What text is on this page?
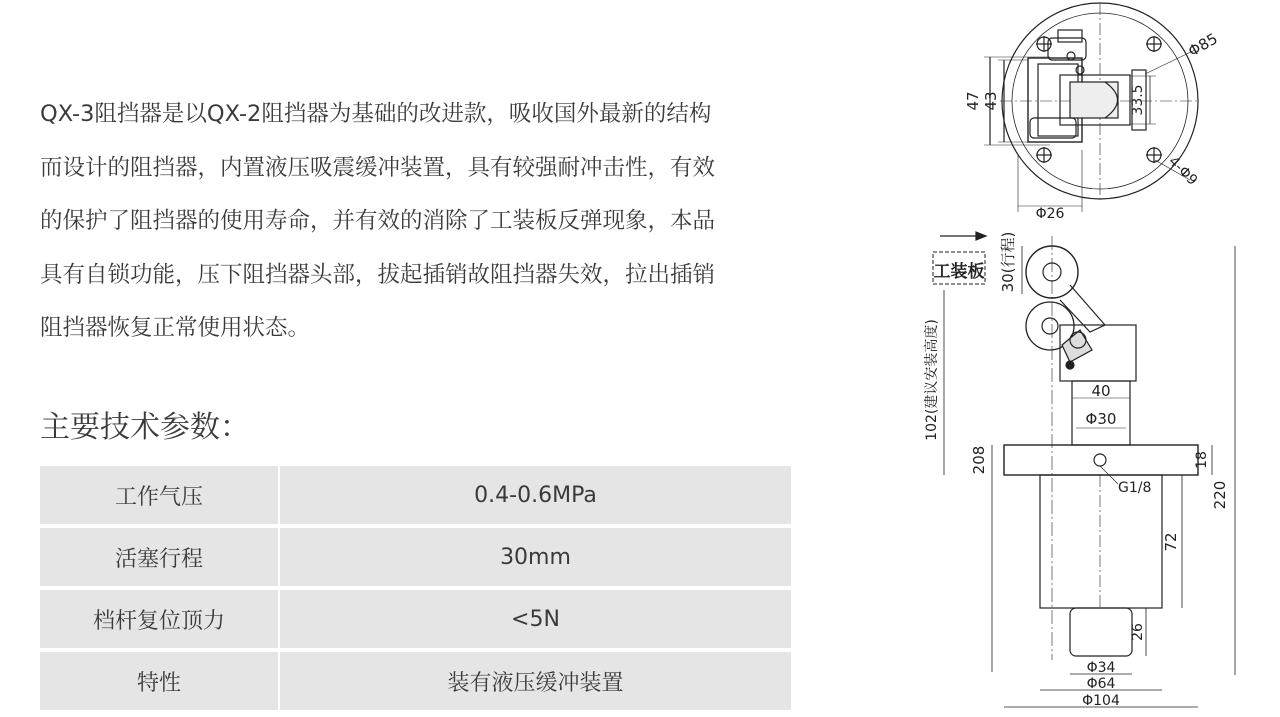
QX-3阻挡器是以QX-2阻挡器为基础的改进款，吸收国外最新的结构

而设计的阻挡器，内置液压吸震缓冲装置，具有较强耐冲击性，有效

的保护了阻挡器的使用寿命，并有效的消除了工装板反弹现象，本品

具有自锁功能，压下阻挡器头部，拔起插销故阻挡器失效，拉出插销

阻挡器恢复正常使用状态。

主要技术参数：
工作气压	0.4-0.6MPa
活塞行程	30mm
档杆复位顶力	<5N
特性	装有液压缓冲装置
47 43	33.5
Φ85
4-Φ9
Φ26
工装板 30(行程)
40
Φ30
G1/8
102(建议安装高度)
208
220
18
72
26
Φ34
Φ64
Φ104
